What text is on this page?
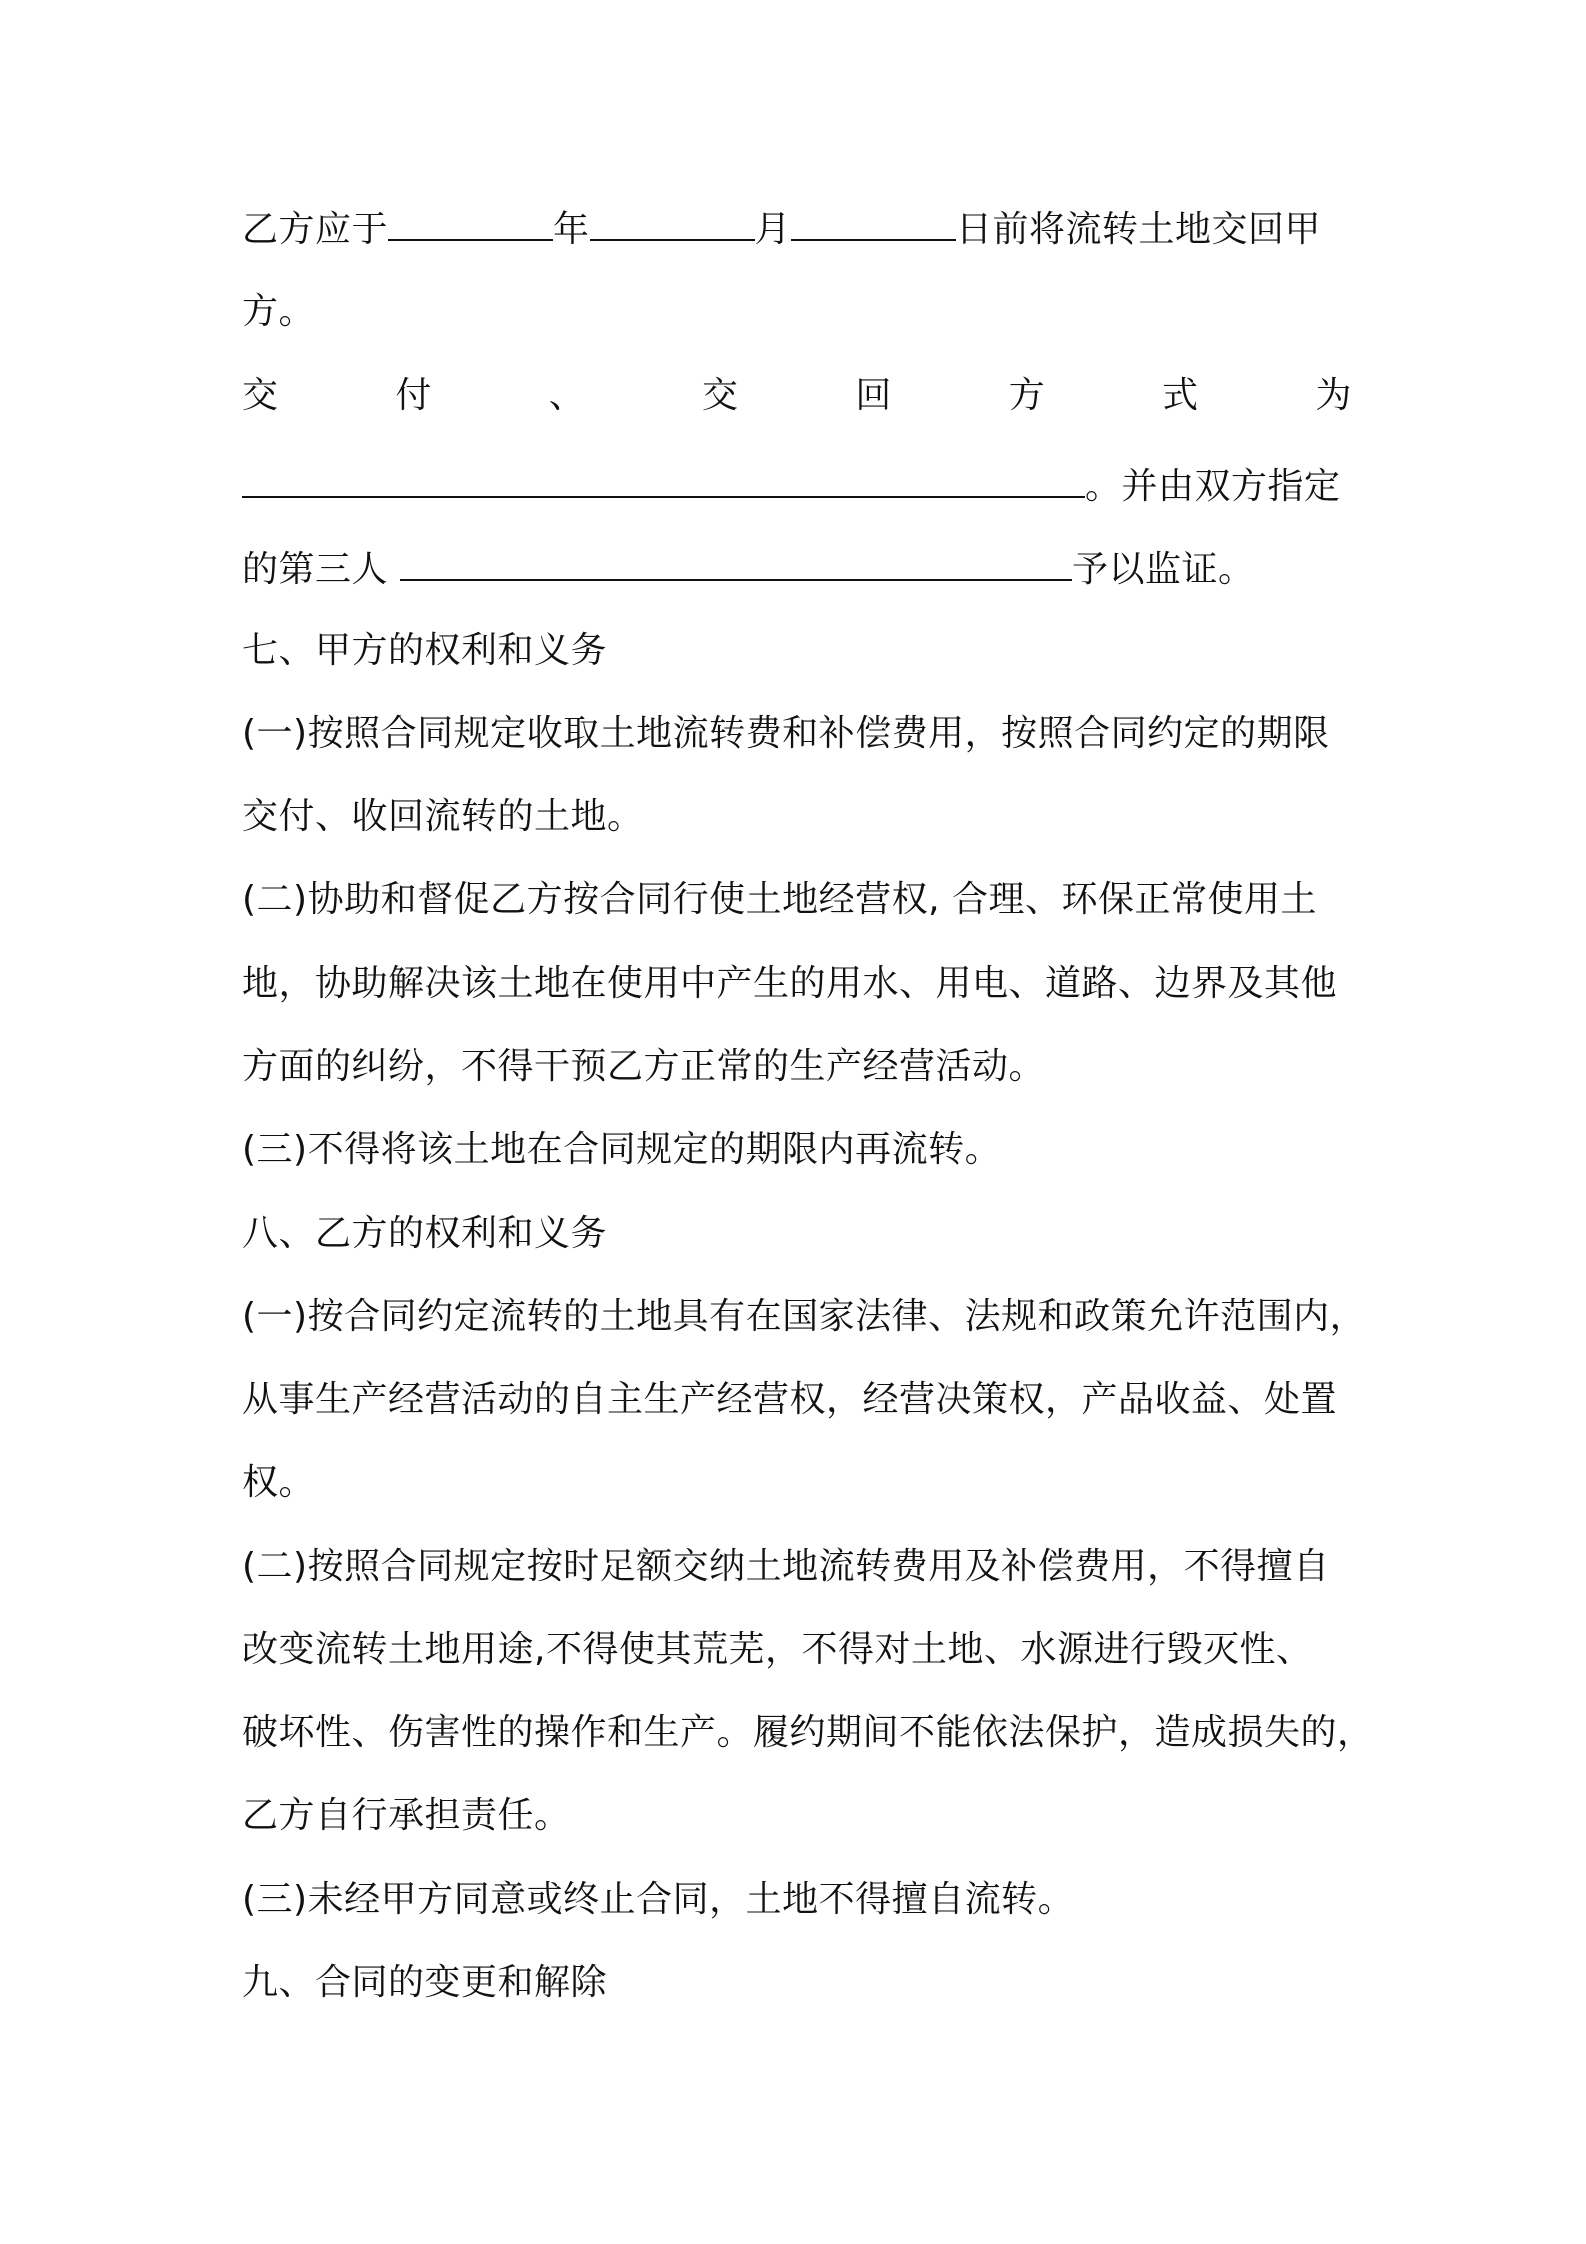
乙方应于	年	月	日前将流转土地交回甲
方。
交	付	、	交	回	方	式	为
。并由双方指定
的第三人	予以监证。
七、甲方的权利和义务
(一)按照合同规定收取土地流转费和补偿费用，按照合同约定的期限
交付、收回流转的土地。
(二)协助和督促乙方按合同行使土地经营权, 合理、环保正常使用土
地，协助解决该土地在使用中产生的用水、用电、道路、边界及其他
方面的纠纷，不得干预乙方正常的生产经营活动。
(三)不得将该土地在合同规定的期限内再流转。
八、乙方的权利和义务
(一)按合同约定流转的土地具有在国家法律、法规和政策允许范围内，
从事生产经营活动的自主生产经营权，经营决策权，产品收益、处置
权。
(二)按照合同规定按时足额交纳土地流转费用及补偿费用，不得擅自
改变流转土地用途,不得使其荒芜，不得对土地、水源进行毁灭性、
破坏性、伤害性的操作和生产。履约期间不能依法保护，造成损失的，
乙方自行承担责任。
(三)未经甲方同意或终止合同，土地不得擅自流转。
九、合同的变更和解除
